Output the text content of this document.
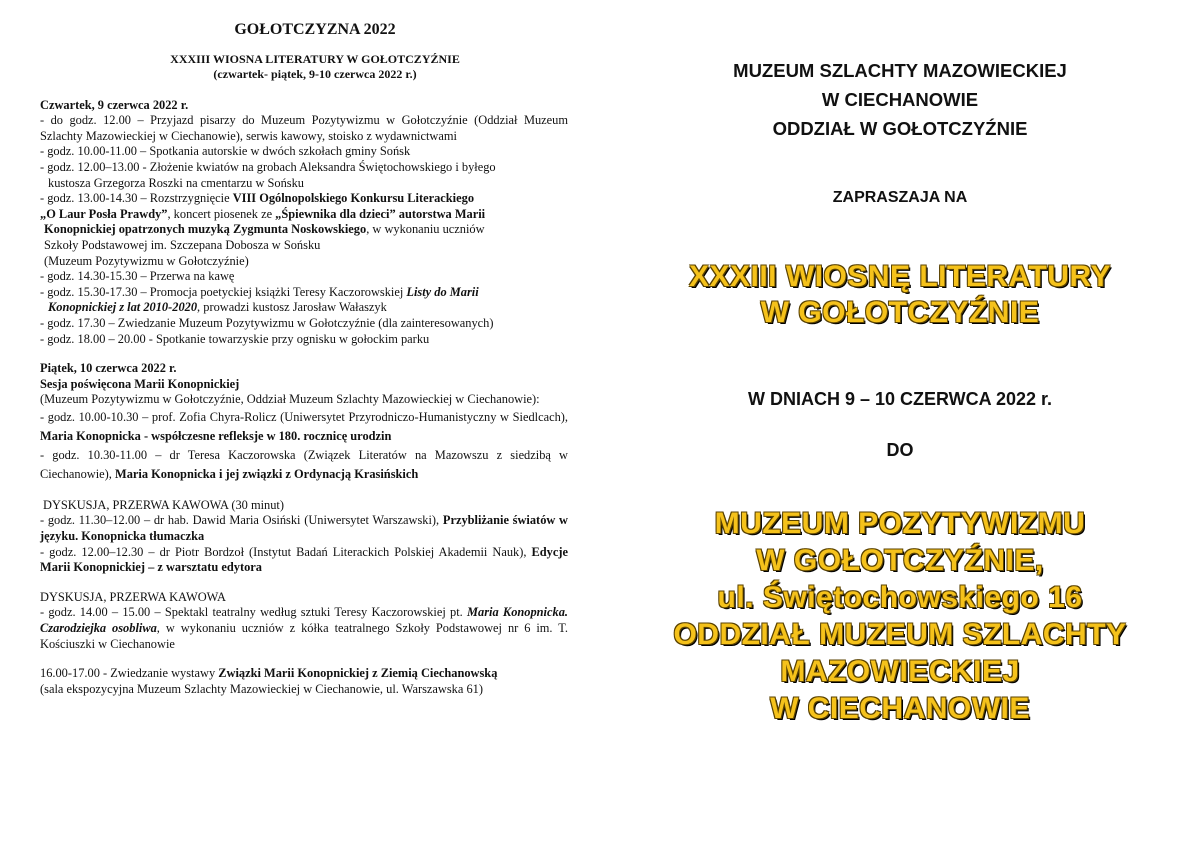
GOŁOTCZYZNA 2022
XXXIII WIOSNA LITERATURY W GOŁOTCZYŹNIE
(czwartek- piątek, 9-10 czerwca 2022 r.)

Czwartek, 9 czerwca 2022 r.

- do godz. 12.00 – Przyjazd pisarzy do Muzeum Pozytywizmu w Gołotczyźnie (Oddział Muzeum Szlachty Mazowieckiej w Ciechanowie), serwis kawowy, stoisko z wydawnictwami

- godz. 10.00-11.00 – Spotkania autorskie w dwóch szkołach gminy Sońsk

- godz. 12.00–13.00 - Złożenie kwiatów na grobach Aleksandra Świętochowskiego i byłego

kustosza Grzegorza Roszki na cmentarzu w Sońsku

- godz. 13.00-14.30 – Rozstrzygnięcie VIII Ogólnopolskiego Konkursu Literackiego

„O Laur Posła Prawdy”, koncert piosenek ze „Śpiewnika dla dzieci” autorstwa Marii

Konopnickiej opatrzonych muzyką Zygmunta Noskowskiego, w wykonaniu uczniów

Szkoły Podstawowej im. Szczepana Dobosza w Sońsku

(Muzeum Pozytywizmu w Gołotczyźnie)

- godz. 14.30-15.30 – Przerwa na kawę

- godz. 15.30-17.30 – Promocja poetyckiej książki Teresy Kaczorowskiej Listy do Marii

Konopnickiej z lat 2010-2020, prowadzi kustosz Jarosław Wałaszyk

- godz. 17.30 – Zwiedzanie Muzeum Pozytywizmu w Gołotczyźnie (dla zainteresowanych)

- godz. 18.00 – 20.00 - Spotkanie towarzyskie przy ognisku w gołockim parku

Piątek, 10 czerwca 2022 r.

Sesja poświęcona Marii Konopnickiej

(Muzeum Pozytywizmu w Gołotczyźnie, Oddział Muzeum Szlachty Mazowieckiej w Ciechanowie):

- godz. 10.00-10.30 – prof. Zofia Chyra-Rolicz (Uniwersytet Przyrodniczo-Humanistyczny w Siedlcach), Maria Konopnicka - współczesne refleksje w 180. rocznicę urodzin

- godz. 10.30-11.00 – dr Teresa Kaczorowska (Związek Literatów na Mazowszu z siedzibą w Ciechanowie), Maria Konopnicka i jej związki z Ordynacją Krasińskich

DYSKUSJA, PRZERWA KAWOWA (30 minut)

- godz. 11.30–12.00 – dr hab. Dawid Maria Osiński (Uniwersytet Warszawski), Przybliżanie światów w języku. Konopnicka tłumaczka

- godz. 12.00–12.30 – dr Piotr Bordzoł (Instytut Badań Literackich Polskiej Akademii Nauk), Edycje Marii Konopnickiej – z warsztatu edytora

DYSKUSJA, PRZERWA KAWOWA

- godz. 14.00 – 15.00 – Spektakl teatralny według sztuki Teresy Kaczorowskiej pt. Maria Konopnicka. Czarodziejka osobliwa, w wykonaniu uczniów z kółka teatralnego Szkoły Podstawowej nr 6 im. T. Kościuszki w Ciechanowie

16.00-17.00 - Zwiedzanie wystawy Związki Marii Konopnickiej z Ziemią Ciechanowską

(sala ekspozycyjna Muzeum Szlachty Mazowieckiej w Ciechanowie, ul. Warszawska 61)

MUZEUM SZLACHTY MAZOWIECKIEJ
W CIECHANOWIE
ODDZIAŁ W GOŁOTCZYŹNIE
ZAPRASZAJA NA
XXXIII WIOSNĘ LITERATURY
W GOŁOTCZYŹNIE
W DNIACH 9 – 10 CZERWCA 2022 r.
DO
MUZEUM POZYTYWIZMU
W GOŁOTCZYŹNIE,
ul. Świętochowskiego 16
ODDZIAŁ MUZEUM SZLACHTY
MAZOWIECKIEJ
W CIECHANOWIE
